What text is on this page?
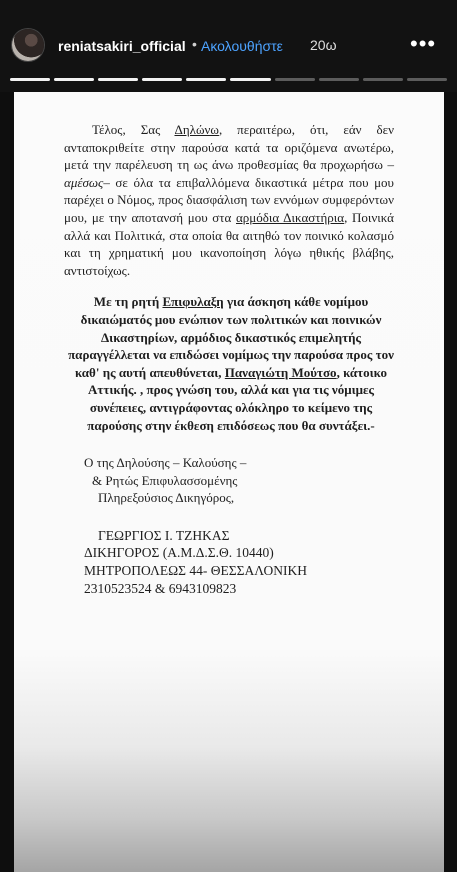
reniatsakiri_official • Ακολουθήστε 20ω	•••

Τέλος, Σας Δηλώνω, περαιτέρω, ότι, εάν δεν ανταποκριθείτε στην παρούσα κατά τα οριζόμενα ανωτέρω, μετά την παρέλευση τη ως άνω προθεσμίας θα προχωρήσω –αμέσως– σε όλα τα επιβαλλόμενα δικαστικά μέτρα που μου παρέχει ο Νόμος, προς διασφάλιση των εννόμων συμφερόντων μου, με την αποτανσή μου στα αρμόδια Δικαστήρια, Ποινικά αλλά και Πολιτικά, στα οποία θα αιτηθώ τον ποινικό κολασμό και τη χρηματική μου ικανοποίηση λόγω ηθικής βλάβης, αντιστοίχως.

Με τη ρητή Επιφυλαξη για άσκηση κάθε νομίμου δικαιώματός μου ενώπιον των πολιτικών και ποινικών Δικαστηρίων, αρμόδιος δικαστικός επιμελητής παραγγέλλεται να επιδώσει νομίμως την παρούσα προς τον καθ' ης αυτή απευθύνεται, Παναγιώτη Μούτσο, κάτοικο Αττικής. , προς γνώση του, αλλά και για τις νόμιμες συνέπειες, αντιγράφοντας ολόκληρο το κείμενο της παρούσης στην έκθεση επιδόσεως που θα συντάξει.-

Ο της Δηλούσης – Καλούσης –
& Ρητώς Επιφυλασσομένης
Πληρεξούσιος Δικηγόρος,
ΓΕΩΡΓΙΟΣ Ι. ΤΖΗΚΑΣ
ΔΙΚΗΓΟΡΟΣ (Α.Μ.Δ.Σ.Θ. 10440)
ΜΗΤΡΟΠΟΛΕΩΣ 44- ΘΕΣΣΑΛΟΝΙΚΗ
2310523524 & 6943109823
